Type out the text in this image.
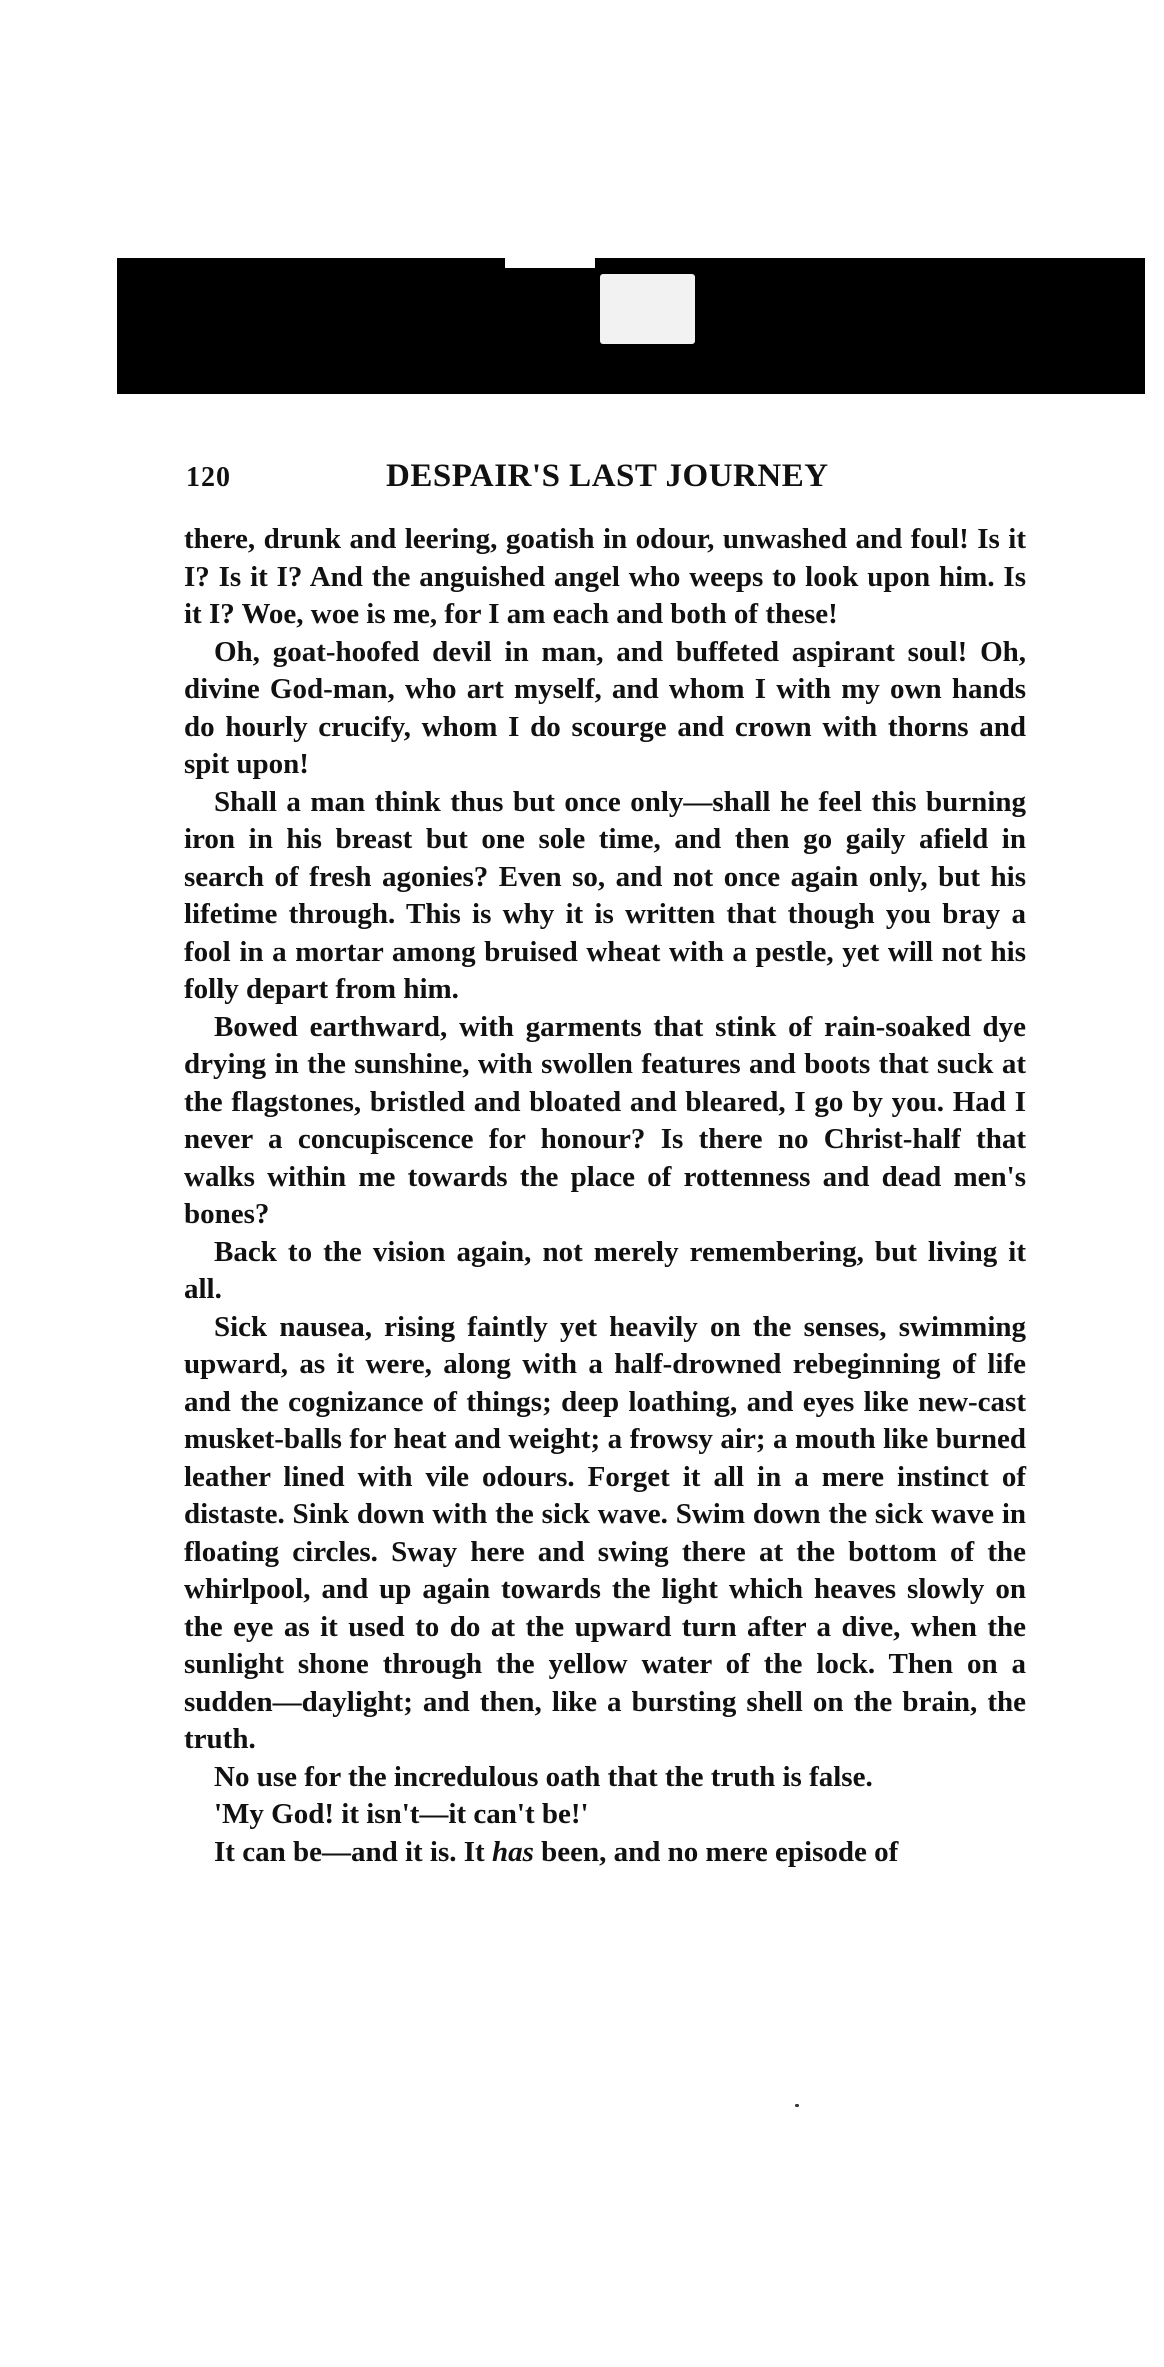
120	DESPAIR'S LAST JOURNEY

there, drunk and leering, goatish in odour, unwashed and foul! Is it I? Is it I? And the anguished angel who weeps to look upon him. Is it I? Woe, woe is me, for I am each and both of these!

Oh, goat-hoofed devil in man, and buffeted aspirant soul! Oh, divine God-man, who art myself, and whom I with my own hands do hourly crucify, whom I do scourge and crown with thorns and spit upon!

Shall a man think thus but once only—shall he feel this burning iron in his breast but one sole time, and then go gaily afield in search of fresh agonies? Even so, and not once again only, but his lifetime through. This is why it is written that though you bray a fool in a mortar among bruised wheat with a pestle, yet will not his folly depart from him.

Bowed earthward, with garments that stink of rain-soaked dye drying in the sunshine, with swollen features and boots that suck at the flagstones, bristled and bloated and bleared, I go by you. Had I never a concupiscence for honour? Is there no Christ-half that walks within me towards the place of rottenness and dead men's bones?

Back to the vision again, not merely remembering, but living it all.

Sick nausea, rising faintly yet heavily on the senses, swimming upward, as it were, along with a half-drowned rebeginning of life and the cognizance of things; deep loathing, and eyes like new-cast musket-balls for heat and weight; a frowsy air; a mouth like burned leather lined with vile odours. Forget it all in a mere instinct of distaste. Sink down with the sick wave. Swim down the sick wave in floating circles. Sway here and swing there at the bottom of the whirlpool, and up again towards the light which heaves slowly on the eye as it used to do at the upward turn after a dive, when the sunlight shone through the yellow water of the lock. Then on a sudden—daylight; and then, like a bursting shell on the brain, the truth.

No use for the incredulous oath that the truth is false.

'My God! it isn't—it can't be!'

It can be—and it is. It has been, and no mere episode of
